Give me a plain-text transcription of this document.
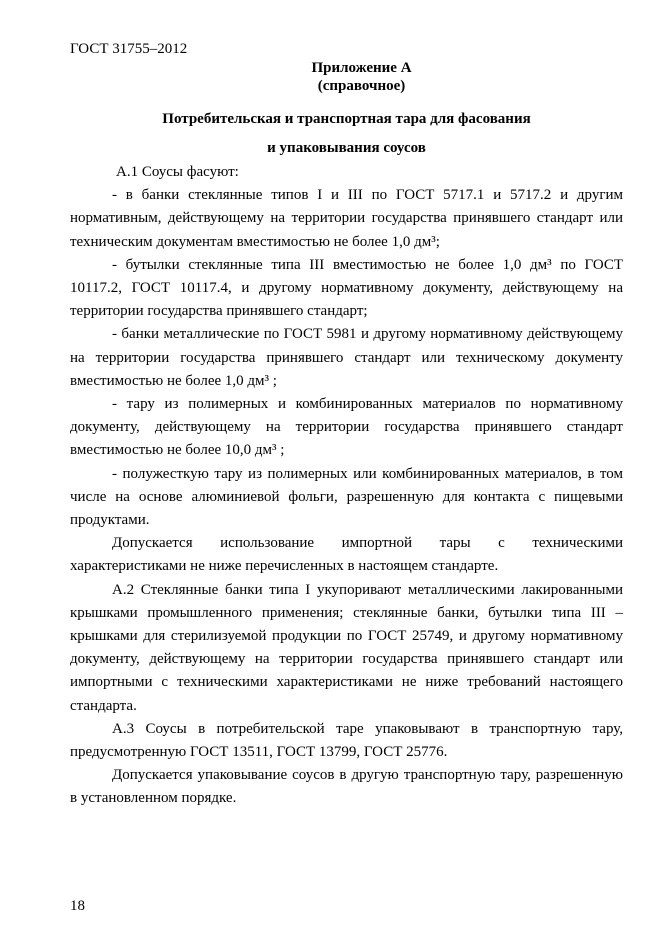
ГОСТ 31755–2012

Приложение А

(справочное)

Потребительская и транспортная тара для фасования

и упаковывания соусов

А.1 Соусы фасуют:

- в банки стеклянные типов I и III по ГОСТ 5717.1 и 5717.2 и другим нормативным, действующему на территории государства принявшего стандарт или техническим документам вместимостью не более 1,0 дм³;

- бутылки стеклянные типа III вместимостью не более 1,0 дм³ по ГОСТ 10117.2, ГОСТ 10117.4, и другому нормативному документу, действующему на территории государства принявшего стандарт;

- банки металлические по ГОСТ 5981 и другому нормативному действующему на территории государства принявшего стандарт или техническому документу вместимостью не более 1,0 дм³ ;

- тару из полимерных и комбинированных материалов по нормативному документу, действующему на территории государства принявшего стандарт вместимостью не более 10,0 дм³ ;

- полужесткую тару из полимерных или комбинированных материалов, в том числе на основе алюминиевой фольги, разрешенную для контакта с пищевыми продуктами.

Допускается использование импортной тары с техническими характеристиками не ниже перечисленных в настоящем стандарте.

А.2 Стеклянные банки типа I укупоривают металлическими лакированными крышками промышленного применения; стеклянные банки, бутылки типа III – крышками для стерилизуемой продукции по ГОСТ 25749, и другому нормативному документу, действующему на территории государства принявшего стандарт или импортными с техническими характеристиками не ниже требований настоящего стандарта.

А.3 Соусы в потребительской таре упаковывают в транспортную тару, предусмотренную ГОСТ 13511, ГОСТ 13799, ГОСТ 25776.

Допускается упаковывание соусов в другую транспортную тару, разрешенную в установленном порядке.

18
